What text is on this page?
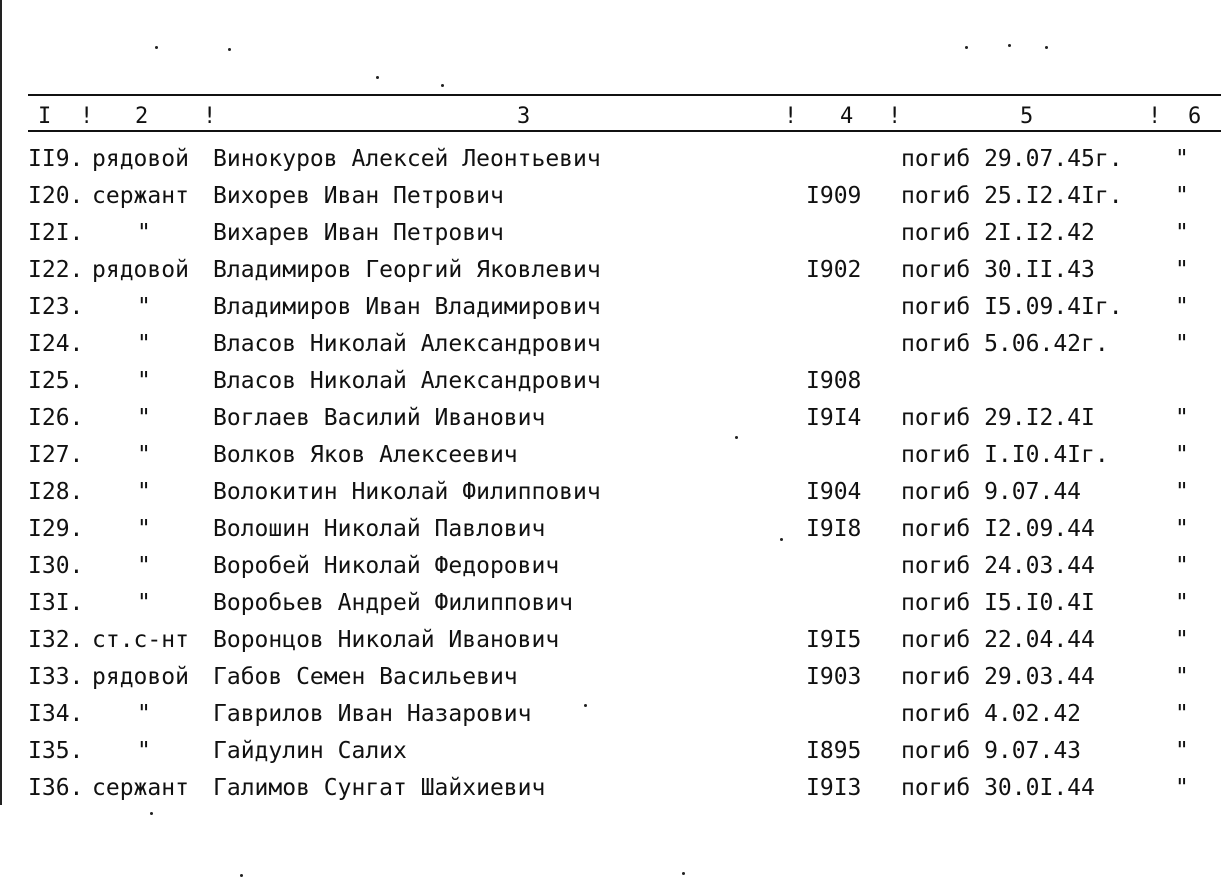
I ! 2 !	3	! 4 !	5	! 6
II9. рядовой	Винокуров Алексей Леонтьевич	погиб 29.07.45г.	"
I20. сержант	Вихорев Иван Петрович	I909	погиб 25.I2.4Iг.	"
I2I. "	Вихарев Иван Петрович	погиб 2I.I2.42	"
I22. рядовой	Владимиров Георгий Яковлевич	I902	погиб 30.II.43	"
I23. "	Владимиров Иван Владимирович	погиб I5.09.4Iг.	"
I24. "	Власов Николай Александрович	погиб 5.06.42г.	"
I25. "	Власов Николай Александрович	I908
I26. "	Воглаев Василий Иванович	I9I4	погиб 29.I2.4I	"
I27. "	Волков Яков Алексеевич	погиб I.I0.4Iг.	"
I28. "	Волокитин Николай Филиппович	I904	погиб 9.07.44	"
I29. "	Волошин Николай Павлович	I9I8	погиб I2.09.44	"
I30. "	Воробей Николай Федорович	погиб 24.03.44	"
I3I. "	Воробьев Андрей Филиппович	погиб I5.I0.4I	"
I32. ст.с-нт	Воронцов Николай Иванович	I9I5	погиб 22.04.44	"
I33. рядовой	Габов Семен Васильевич	I903	погиб 29.03.44	"
I34. "	Гаврилов Иван Назарович	погиб 4.02.42	"
I35. "	Гайдулин Салих	I895	погиб 9.07.43	"
I36. сержант	Галимов Сунгат Шайхиевич	I9I3	погиб 30.0I.44	"
